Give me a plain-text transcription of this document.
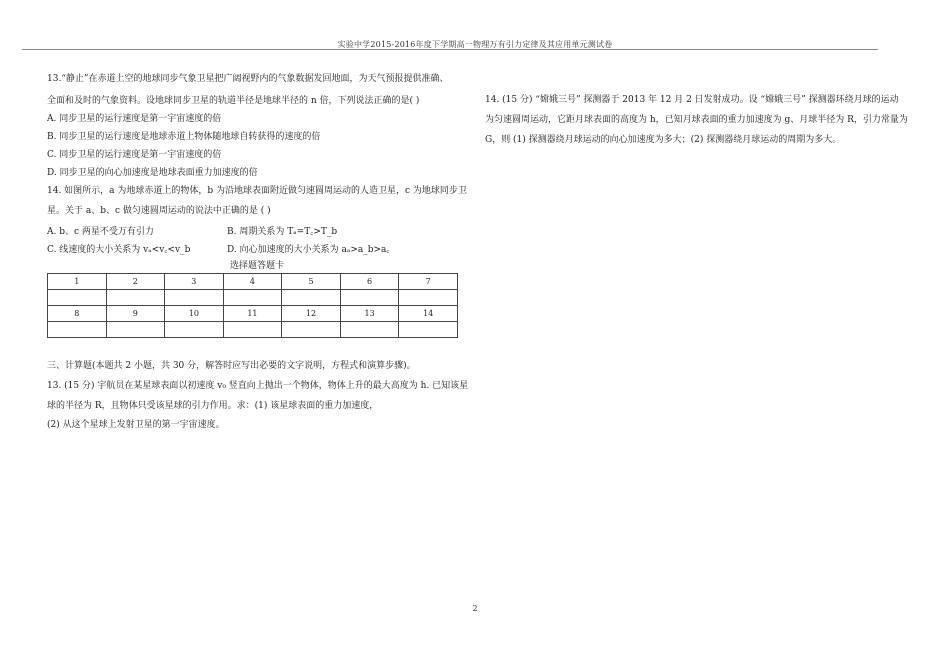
实验中学2015-2016年度下学期高一物理万有引力定律及其应用单元测试卷
13.“静止”在赤道上空的地球同步气象卫星把广阔视野内的气象数据发回地面，为天气预报提供准确、
全面和及时的气象资料。设地球同步卫星的轨道半径是地球半径的 n 倍，下列说法正确的是( )
A. 同步卫星的运行速度是第一宇宙速度的倍
B. 同步卫星的运行速度是地球赤道上物体随地球自转获得的速度的倍
C. 同步卫星的运行速度是第一宇宙速度的倍
D. 同步卫星的向心加速度是地球表面重力加速度的倍
14. 如图所示，a 为地球赤道上的物体，b 为沿地球表面附近做匀速圆周运动的人造卫星，c 为地球同步卫
星。关于 a、b、c 做匀速圆周运动的说法中正确的是 ( )
A. b、c 两星不受万有引力	B. 周期关系为 Tₐ=T꜀>T_b
C. 线速度的大小关系为 vₐ<v꜀<v_b	D. 向心加速度的大小关系为 aₐ>a_b>a꜀
选择题答题卡
1	2	3	4	5	6	7

8	9	10	11	12	13	14

三、计算题(本题共 2 小题，共 30 分，解答时应写出必要的文字说明，方程式和演算步骤)。
13. (15 分) 宇航员在某星球表面以初速度 v₀ 竖直向上抛出一个物体，物体上升的最大高度为 h. 已知该星
球的半径为 R，且物体只受该星球的引力作用。求：(1) 该星球表面的重力加速度，
(2) 从这个星球上发射卫星的第一宇宙速度。
14. (15 分) “嫦娥三号” 探测器于 2013 年 12 月 2 日发射成功。设 “嫦娥三号” 探测器环绕月球的运动
为匀速圆周运动，它距月球表面的高度为 h，已知月球表面的重力加速度为 g、月球半径为 R，引力常量为
G，则 (1) 探测器绕月球运动的向心加速度为多大；(2) 探测器绕月球运动的周期为多大。
2
